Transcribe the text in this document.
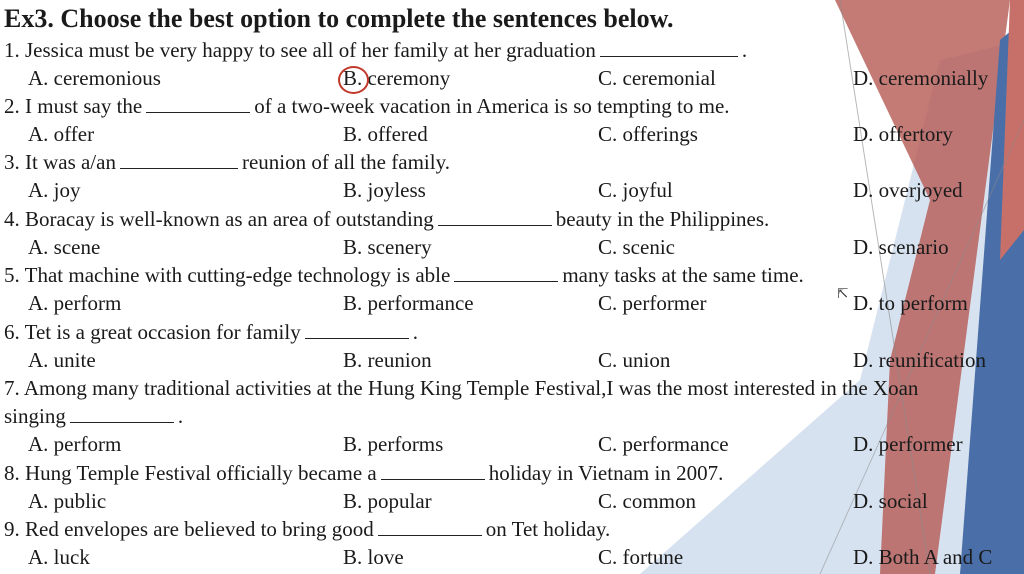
Ex3. Choose the best option to complete the sentences below.
1. Jessica must be very happy to see all of her family at her graduation	.
A. ceremonious	B. ceremony	C. ceremonial	D. ceremonially
2. I must say the	of a two-week vacation in America is so tempting to me.
A. offer	B. offered	C. offerings	D. offertory
3. It was a/an	reunion of all the family.
A. joy	B. joyless	C. joyful	D. overjoyed
4. Boracay is well-known as an area of outstanding	beauty in the Philippines.
A. scene	B. scenery	C. scenic	D. scenario
5. That machine with cutting-edge technology is able	many tasks at the same time.
A. perform	B. performance	C. performer	D. to perform
⇱
6. Tet is a great occasion for family	.
A. unite	B. reunion	C. union	D. reunification
7. Among many traditional activities at the Hung King Temple Festival,I was the most interested in the Xoan
singing	.
A. perform	B. performs	C. performance	D. performer
8. Hung Temple Festival officially became a	holiday in Vietnam in 2007.
A. public	B. popular	C. common	D. social
9. Red envelopes are believed to bring good	on Tet holiday.
A. luck	B. love	C. fortune	D. Both A and C
